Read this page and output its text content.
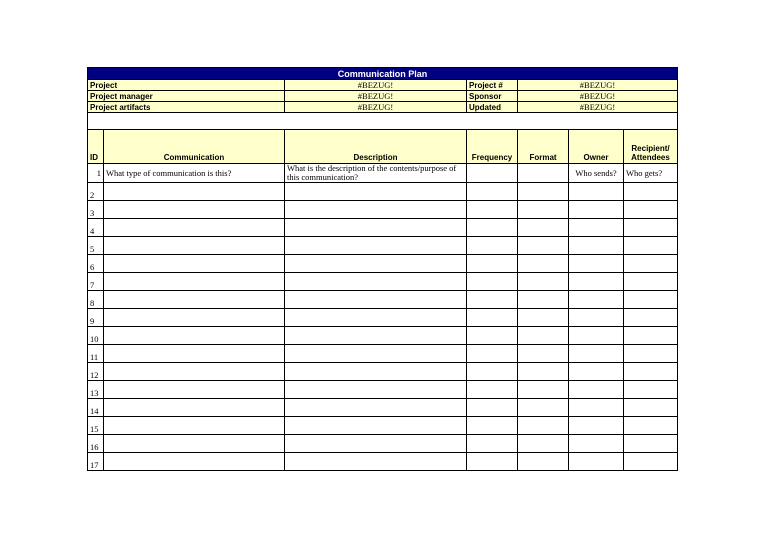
Communication Plan						
Project		#BEZUG!	Project #	#BEZUG!		
Project manager		#BEZUG!	Sponsor	#BEZUG!		
Project artifacts		#BEZUG!	Updated	#BEZUG!		

ID	Communication	Description	Frequency	Format	Owner	Recipient/ Attendees
1	What type of communication is this?	What is the description of the contents/purpose of this communication?			Who sends?	Who gets?
2						
3						
4						
5						
6						
7						
8						
9						
10						
11						
12						
13						
14						
15						
16						
17						
